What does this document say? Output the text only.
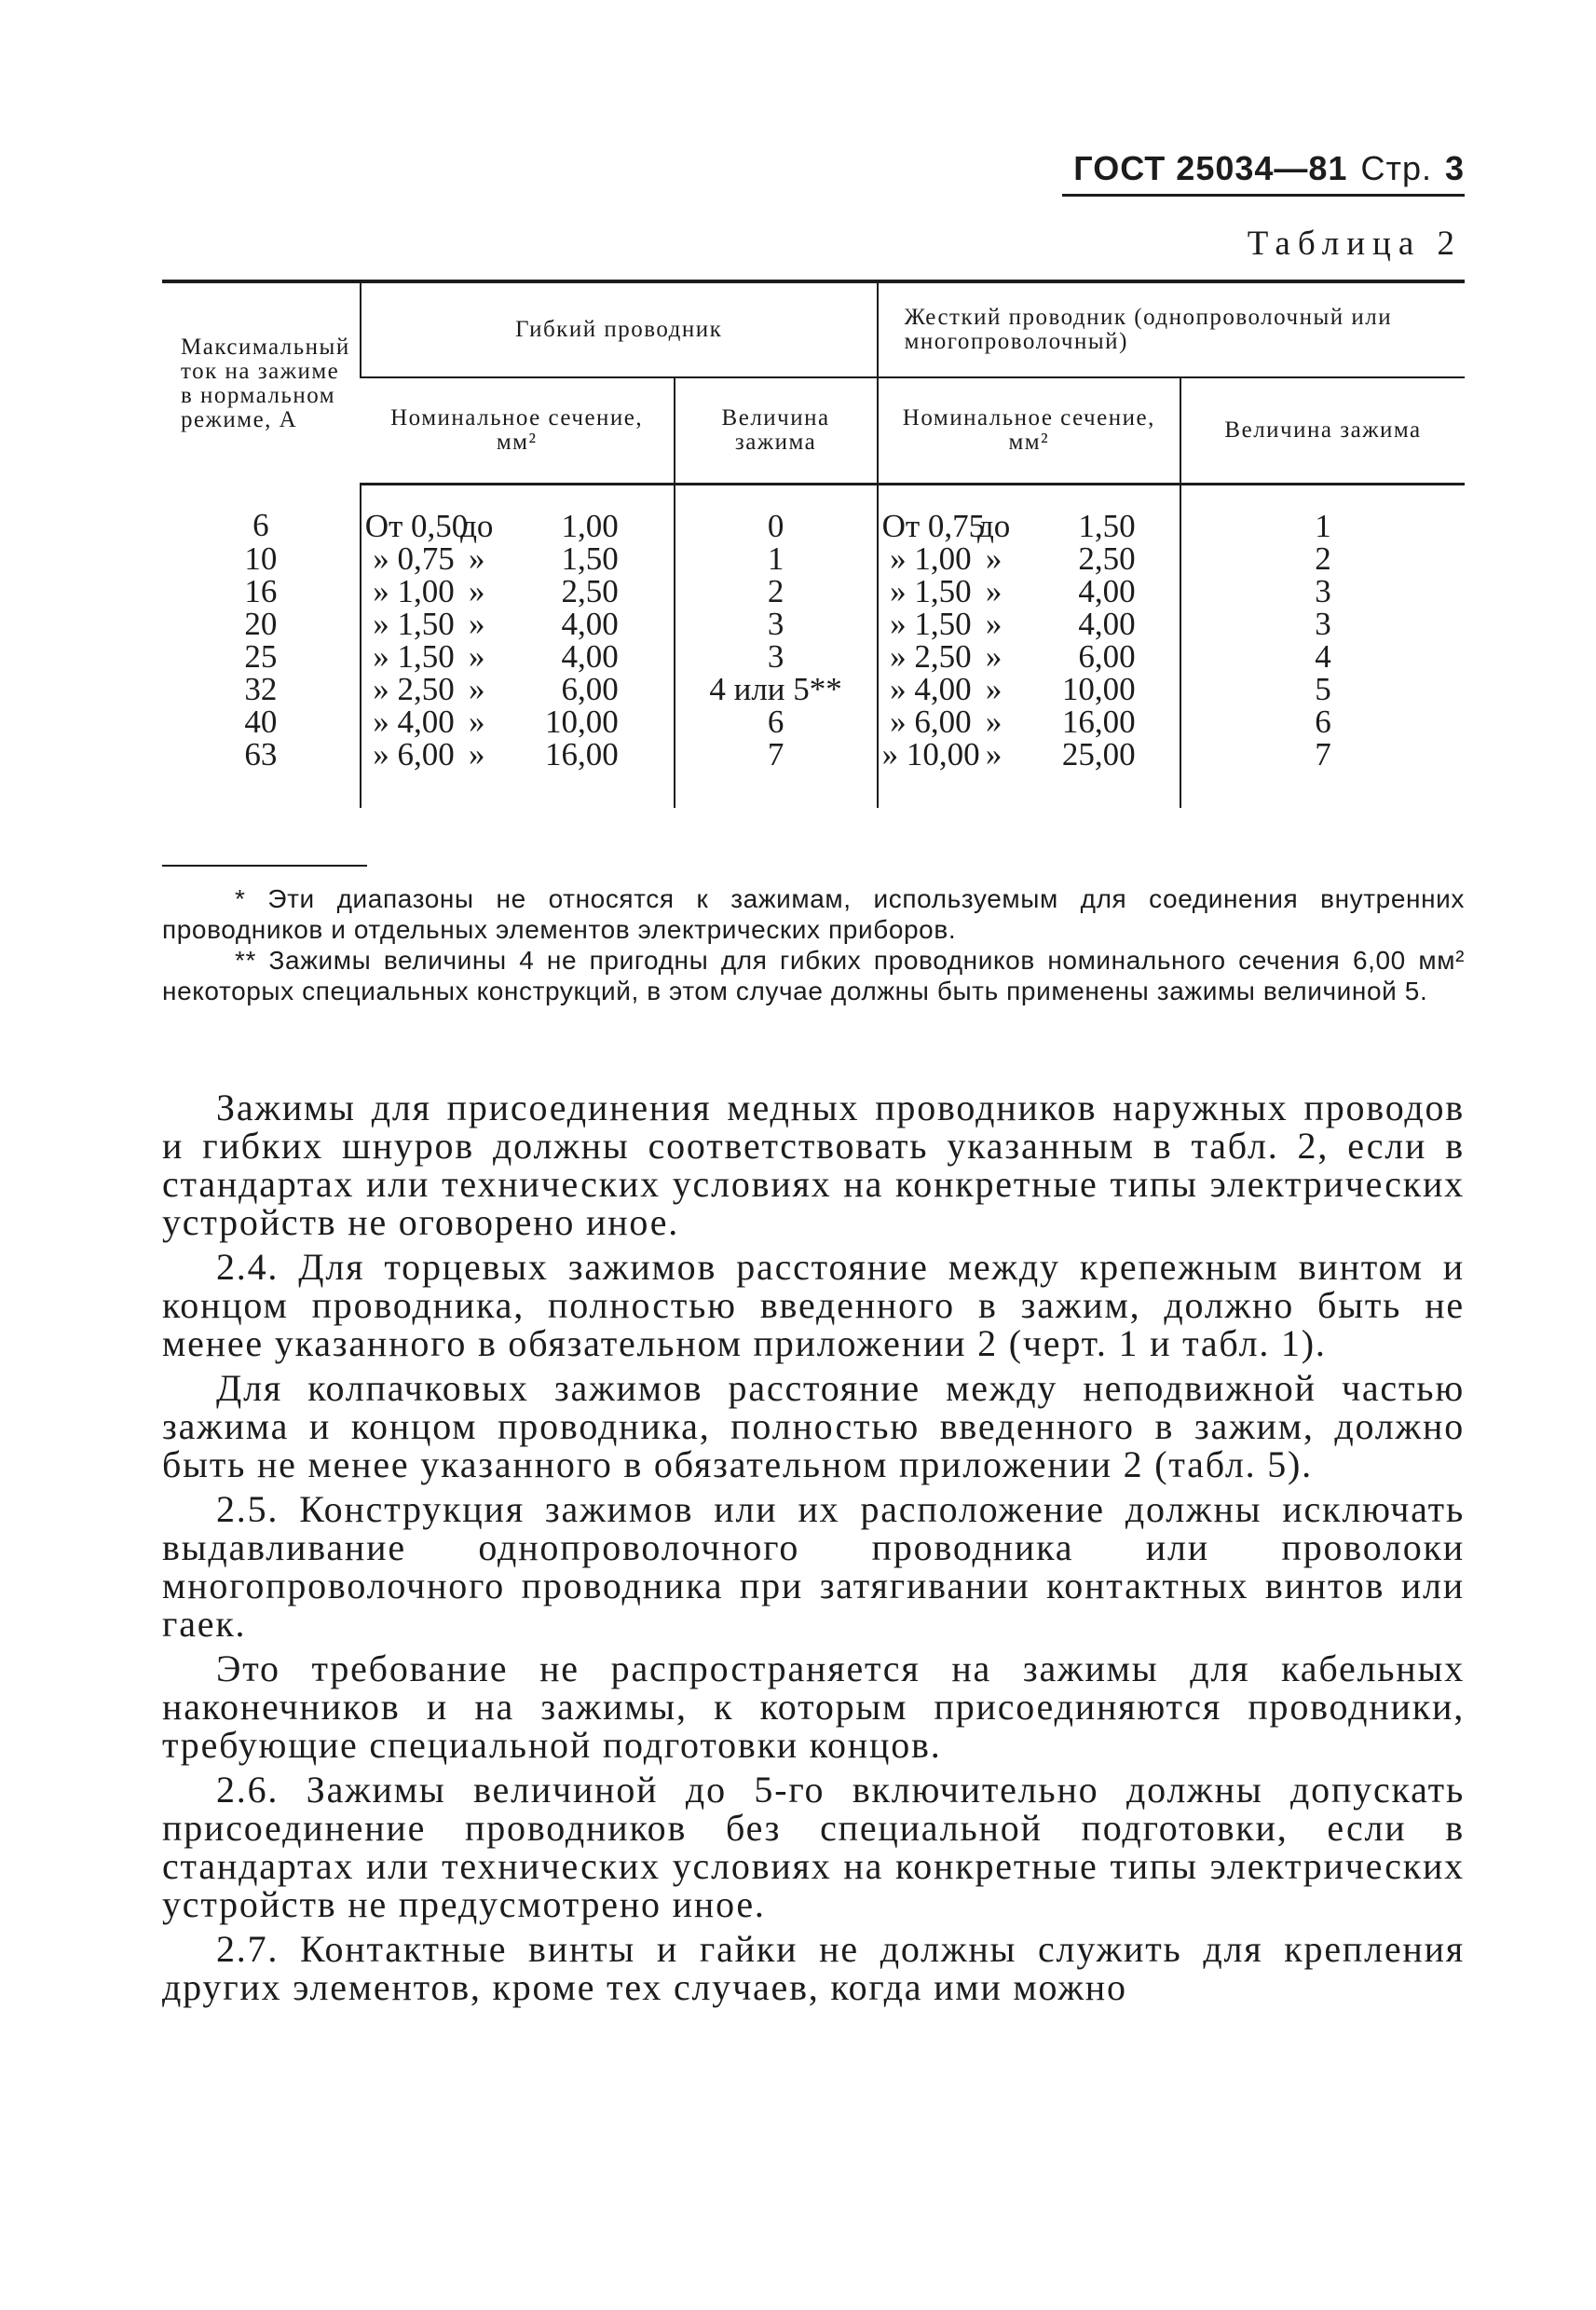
ГОСТ 25034—81 Стр. 3
Таблица 2
Максимальный ток на зажиме в нормальном режиме, А	Гибкий проводник		Жесткий проводник (однопроволочный или многопроволочный)	
	Номинальное сечение, мм²	Величина зажима	Номинальное сечение, мм²	Величина зажима
6	От 0,50до 1,00	0	От 0,75до 1,50	1
10	» 0,75 » 1,50	1	» 1,00 » 2,50	2
16	» 1,00 » 2,50	2	» 1,50 » 4,00	3
20	» 1,50 » 4,00	3	» 1,50 » 4,00	3
25	» 1,50 » 4,00	3	» 2,50 » 6,00	4
32	» 2,50 » 6,00	4 или 5**	» 4,00 » 10,00	5
40	» 4,00 » 10,00	6	» 6,00 » 16,00	6
63	» 6,00 » 16,00	7	» 10,00 » 25,00	7

* Эти диапазоны не относятся к зажимам, используемым для соединения внутренних проводников и отдельных элементов электрических приборов.

** Зажимы величины 4 не пригодны для гибких проводников номинального сечения 6,00 мм² некоторых специальных конструкций, в этом случае должны быть применены зажимы величиной 5.

Зажимы для присоединения медных проводников наружных проводов и гибких шнуров должны соответствовать указанным в табл. 2, если в стандартах или технических условиях на конкретные типы электрических устройств не оговорено иное.

2.4. Для торцевых зажимов расстояние между крепежным винтом и концом проводника, полностью введенного в зажим, должно быть не менее указанного в обязательном приложении 2 (черт. 1 и табл. 1).

Для колпачковых зажимов расстояние между неподвижной частью зажима и концом проводника, полностью введенного в зажим, должно быть не менее указанного в обязательном приложении 2 (табл. 5).

2.5. Конструкция зажимов или их расположение должны исключать выдавливание однопроволочного проводника или проволоки многопроволочного проводника при затягивании контактных винтов или гаек.

Это требование не распространяется на зажимы для кабельных наконечников и на зажимы, к которым присоединяются проводники, требующие специальной подготовки концов.

2.6. Зажимы величиной до 5-го включительно должны допускать присоединение проводников без специальной подготовки, если в стандартах или технических условиях на конкретные типы электрических устройств не предусмотрено иное.

2.7. Контактные винты и гайки не должны служить для крепления других элементов, кроме тех случаев, когда ими можно
